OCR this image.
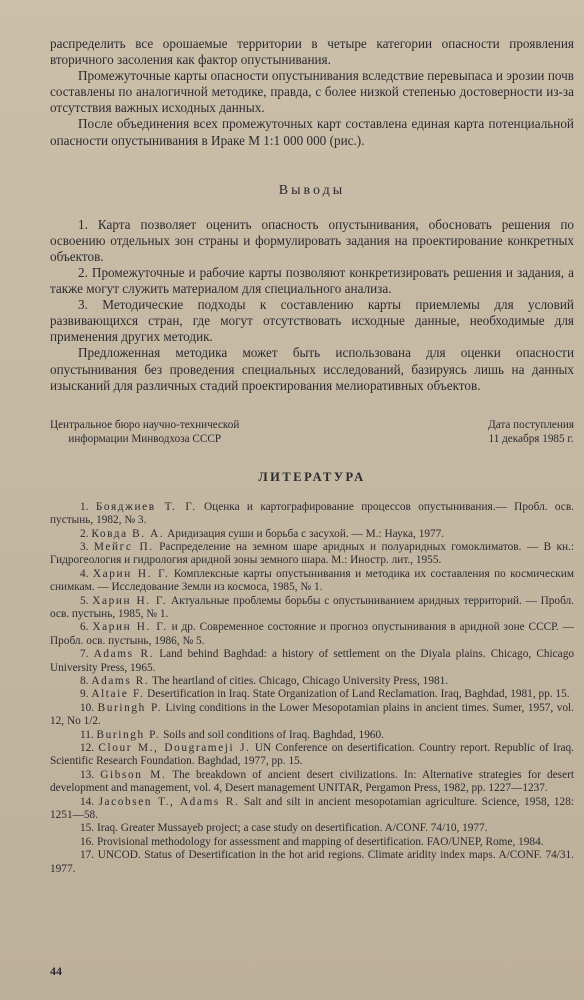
распределить все орошаемые территории в четыре категории опасности проявления вторичного засоления как фактор опустынивания.

Промежуточные карты опасности опустынивания вследствие перевыпаса и эрозии почв составлены по аналогичной методике, правда, с более низкой степенью достоверности из-за отсутствия важных исходных данных.

После объединения всех промежуточных карт составлена единая карта потенциальной опасности опустынивания в Ираке М 1:1 000 000 (рис.).

Выводы

1. Карта позволяет оценить опасность опустынивания, обосновать решения по освоению отдельных зон страны и формулировать задания на проектирование конкретных объектов.

2. Промежуточные и рабочие карты позволяют конкретизировать решения и задания, а также могут служить материалом для специального анализа.

3. Методические подходы к составлению карты приемлемы для условий развивающихся стран, где могут отсутствовать исходные данные, необходимые для применения других методик.

Предложенная методика может быть использована для оценки опасности опустынивания без проведения специальных исследований, базируясь лишь на данных изысканий для различных стадий проектирования мелиоративных объектов.

Центральное бюро научно-технической
информации Минводхоза СССР
Дата поступления
11 декабря 1985 г.
ЛИТЕРАТУРА

1. Бояджиев Т. Г. Оценка и картографирование процессов опустынивания.— Пробл. осв. пустынь, 1982, № 3.

2. Ковда В. А. Аридизация суши и борьба с засухой. — М.: Наука, 1977.

3. Мейгс П. Распределение на земном шаре аридных и полуаридных гомоклиматов. — В кн.: Гидрогеология и гидрология аридной зоны земного шара. М.: Иностр. лит., 1955.

4. Харин Н. Г. Комплексные карты опустынивания и методика их составления по космическим снимкам. — Исследование Земли из космоса, 1985, № 1.

5. Харин Н. Г. Актуальные проблемы борьбы с опустыниванием аридных территорий. — Пробл. осв. пустынь, 1985, № 1.

6. Харин Н. Г. и др. Современное состояние и прогноз опустынивания в аридной зоне СССР. — Пробл. осв. пустынь, 1986, № 5.

7. Adams R. Land behind Baghdad: a history of settlement on the Diyala plains. Chicago, Chicago University Press, 1965.

8. Adams R. The heartland of cities. Chicago, Chicago University Press, 1981.

9. Altaie F. Desertification in Iraq. State Organization of Land Reclamation. Iraq, Baghdad, 1981, pp. 15.

10. Buringh P. Living conditions in the Lower Mesopotamian plains in ancient times. Sumer, 1957, vol. 12, No 1/2.

11. Buringh P. Soils and soil conditions of Iraq. Baghdad, 1960.

12. Clour M., Dougrameji J. UN Conference on desertification. Country report. Republic of Iraq. Scientific Research Foundation. Baghdad, 1977, pp. 15.

13. Gibson M. The breakdown of ancient desert civilizations. In: Alternative strategies for desert development and management, vol. 4, Desert management UNITAR, Pergamon Press, 1982, pp. 1227—1237.

14. Jacobsen T., Adams R. Salt and silt in ancient mesopotamian agriculture. Science, 1958, 128: 1251—58.

15. Iraq. Greater Mussayeb project; a case study on desertification. A/CONF. 74/10, 1977.

16. Provisional methodology for assessment and mapping of desertification. FAO/UNEP, Rome, 1984.

17. UNCOD. Status of Desertification in the hot arid regions. Climate aridity index maps. A/CONF. 74/31. 1977.

44
